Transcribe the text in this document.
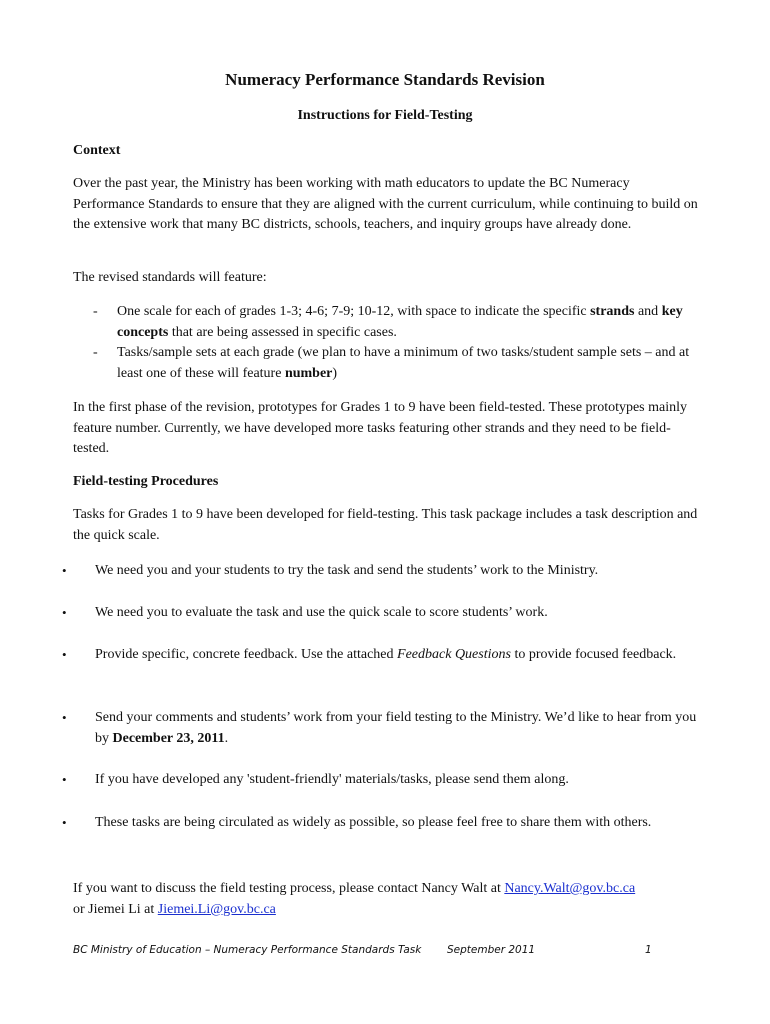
Numeracy Performance Standards Revision
Instructions for Field-Testing
Context
Over the past year, the Ministry has been working with math educators to update the BC Numeracy Performance Standards to ensure that they are aligned with the current curriculum, while continuing to build on the extensive work that many BC districts, schools, teachers, and inquiry groups have already done.
The revised standards will feature:
- One scale for each of grades 1-3; 4-6; 7-9; 10-12, with space to indicate the specific strands and key concepts that are being assessed in specific cases.
- Tasks/sample sets at each grade (we plan to have a minimum of two tasks/student sample sets – and at least one of these will feature number)
In the first phase of the revision, prototypes for Grades 1 to 9 have been field-tested. These prototypes mainly feature number. Currently, we have developed more tasks featuring other strands and they need to be field-tested.
Field-testing Procedures
Tasks for Grades 1 to 9 have been developed for field-testing. This task package includes a task description and the quick scale.
• We need you and your students to try the task and send the students’ work to the Ministry.
• We need you to evaluate the task and use the quick scale to score students’ work.
• Provide specific, concrete feedback. Use the attached Feedback Questions to provide focused feedback.
• Send your comments and students’ work from your field testing to the Ministry. We’d like to hear from you by December 23, 2011.
• If you have developed any 'student-friendly' materials/tasks, please send them along.
• These tasks are being circulated as widely as possible, so please feel free to share them with others.
If you want to discuss the field testing process, please contact Nancy Walt at Nancy.Walt@gov.bc.ca
or Jiemei Li at Jiemei.Li@gov.bc.ca
BC Ministry of Education – Numeracy Performance Standards Task September 2011	1
